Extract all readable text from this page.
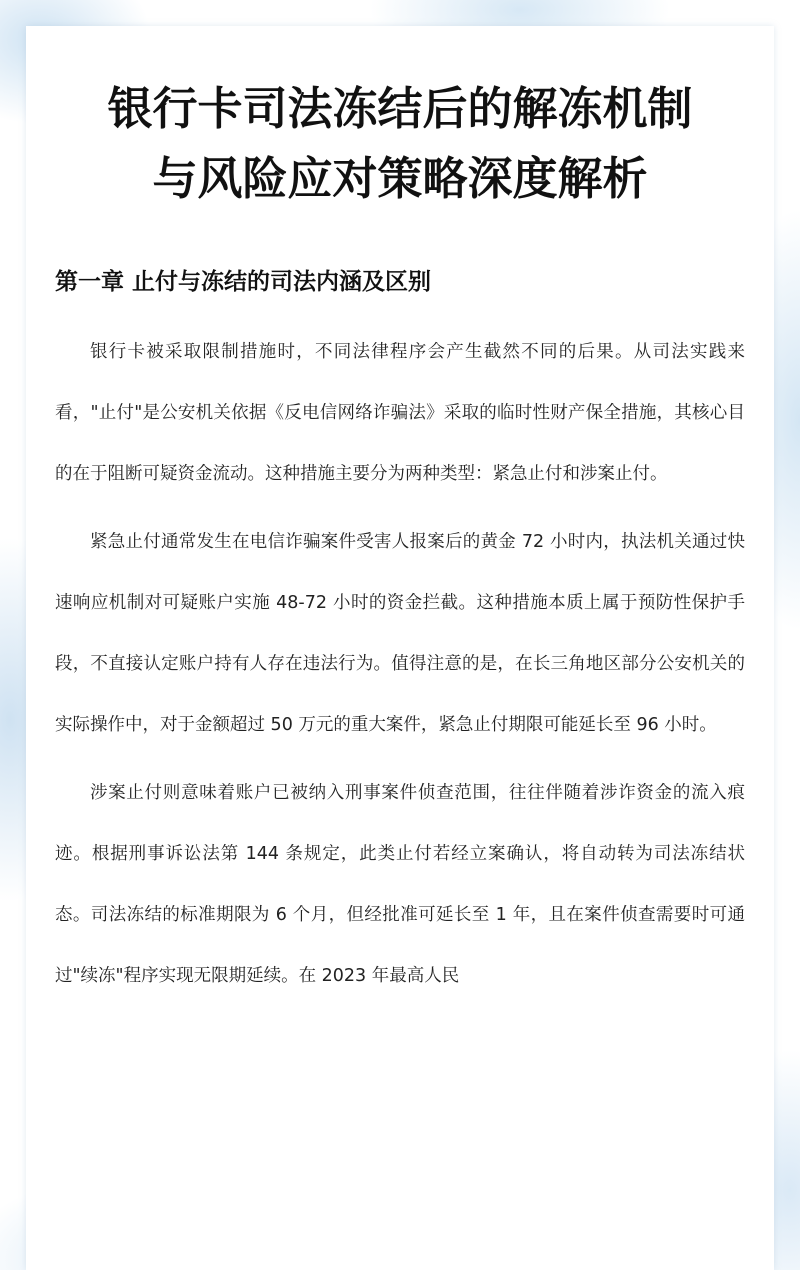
银行卡司法冻结后的解冻机制
与风险应对策略深度解析
第一章 止付与冻结的司法内涵及区别

银行卡被采取限制措施时，不同法律程序会产生截然不同的后果。从司法实践来看，"止付"是公安机关依据《反电信网络诈骗法》采取的临时性财产保全措施，其核心目的在于阻断可疑资金流动。这种措施主要分为两种类型：紧急止付和涉案止付。

紧急止付通常发生在电信诈骗案件受害人报案后的黄金 72 小时内，执法机关通过快速响应机制对可疑账户实施 48-72 小时的资金拦截。这种措施本质上属于预防性保护手段，不直接认定账户持有人存在违法行为。值得注意的是，在长三角地区部分公安机关的实际操作中，对于金额超过 50 万元的重大案件，紧急止付期限可能延长至 96 小时。

涉案止付则意味着账户已被纳入刑事案件侦查范围，往往伴随着涉诈资金的流入痕迹。根据刑事诉讼法第 144 条规定，此类止付若经立案确认，将自动转为司法冻结状态。司法冻结的标准期限为 6 个月，但经批准可延长至 1 年，且在案件侦查需要时可通过"续冻"程序实现无限期延续。在 2023 年最高人民
